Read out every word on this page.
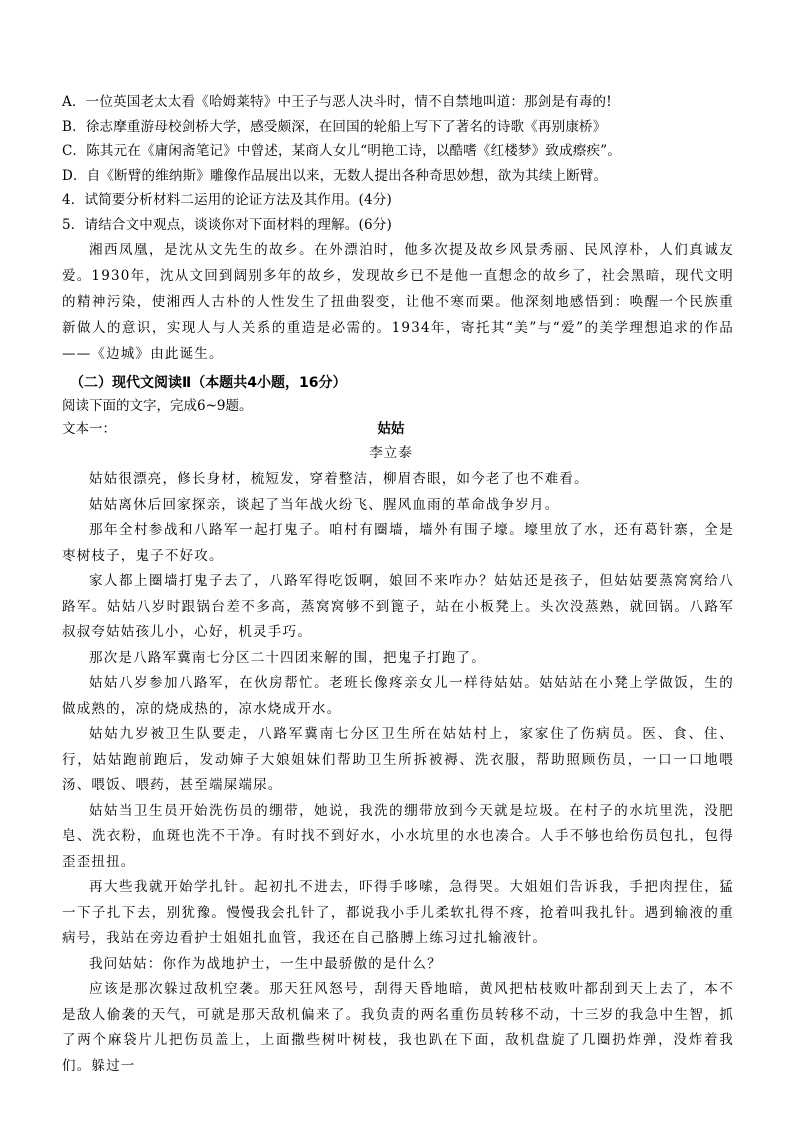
A．一位英国老太太看《哈姆莱特》中王子与恶人决斗时，情不自禁地叫道：那剑是有毒的!
B．徐志摩重游母校剑桥大学，感受颇深，在回国的轮船上写下了著名的诗歌《再别康桥》
C．陈其元在《庸闲斋笔记》中曾述，某商人女儿“明艳工诗，以酷嗜《红楼梦》致成瘵疾”。
D．自《断臂的维纳斯》雕像作品展出以来，无数人提出各种奇思妙想，欲为其续上断臂。
4．试简要分析材料二运用的论证方法及其作用。(4分)
5．请结合文中观点，谈谈你对下面材料的理解。(6分)

湘西凤凰，是沈从文先生的故乡。在外漂泊时，他多次提及故乡风景秀丽、民风淳朴，人们真诚友爱。1930年，沈从文回到阔别多年的故乡，发现故乡已不是他一直想念的故乡了，社会黑暗，现代文明的精神污染，使湘西人古朴的人性发生了扭曲裂变，让他不寒而栗。他深刻地感悟到：唤醒一个民族重新做人的意识，实现人与人关系的重造是必需的。1934年，寄托其“美”与“爱”的美学理想追求的作品——《边城》由此诞生。

（二）现代文阅读Ⅱ（本题共4小题，16分）
阅读下面的文字，完成6~9题。
文本一：	姑姑
李立泰

姑姑很漂亮，修长身材，梳短发，穿着整洁，柳眉杏眼，如今老了也不难看。

姑姑离休后回家探亲，谈起了当年战火纷飞、腥风血雨的革命战争岁月。

那年全村参战和八路军一起打鬼子。咱村有圈墙，墙外有围子壕。壕里放了水，还有葛针寨，全是枣树枝子，鬼子不好攻。

家人都上圈墙打鬼子去了，八路军得吃饭啊，娘回不来咋办？姑姑还是孩子，但姑姑要蒸窝窝给八路军。姑姑八岁时跟锅台差不多高，蒸窝窝够不到篦子，站在小板凳上。头次没蒸熟，就回锅。八路军叔叔夸姑姑孩儿小，心好，机灵手巧。

那次是八路军冀南七分区二十四团来解的围，把鬼子打跑了。

姑姑八岁参加八路军，在伙房帮忙。老班长像疼亲女儿一样待姑姑。姑姑站在小凳上学做饭，生的做成熟的，凉的烧成热的，凉水烧成开水。

姑姑九岁被卫生队要走，八路军冀南七分区卫生所在姑姑村上，家家住了伤病员。医、食、住、行，姑姑跑前跑后，发动婶子大娘姐妹们帮助卫生所拆被褥、洗衣服，帮助照顾伤员，一口一口地喂汤、喂饭、喂药，甚至端屎端尿。

姑姑当卫生员开始洗伤员的绷带，她说，我洗的绷带放到今天就是垃圾。在村子的水坑里洗，没肥皂、洗衣粉，血斑也洗不干净。有时找不到好水，小水坑里的水也凑合。人手不够也给伤员包扎，包得歪歪扭扭。

再大些我就开始学扎针。起初扎不进去，吓得手哆嗦，急得哭。大姐姐们告诉我，手把肉捏住，猛一下子扎下去，别犹豫。慢慢我会扎针了，都说我小手儿柔软扎得不疼，抢着叫我扎针。遇到输液的重病号，我站在旁边看护士姐姐扎血管，我还在自己胳膊上练习过扎输液针。

我问姑姑：你作为战地护士，一生中最骄傲的是什么？

应该是那次躲过敌机空袭。那天狂风怒号，刮得天昏地暗，黄风把枯枝败叶都刮到天上去了，本不是敌人偷袭的天气，可就是那天敌机偏来了。我负责的两名重伤员转移不动，十三岁的我急中生智，抓了两个麻袋片儿把伤员盖上，上面撒些树叶树枝，我也趴在下面，敌机盘旋了几圈扔炸弹，没炸着我们。躲过一
